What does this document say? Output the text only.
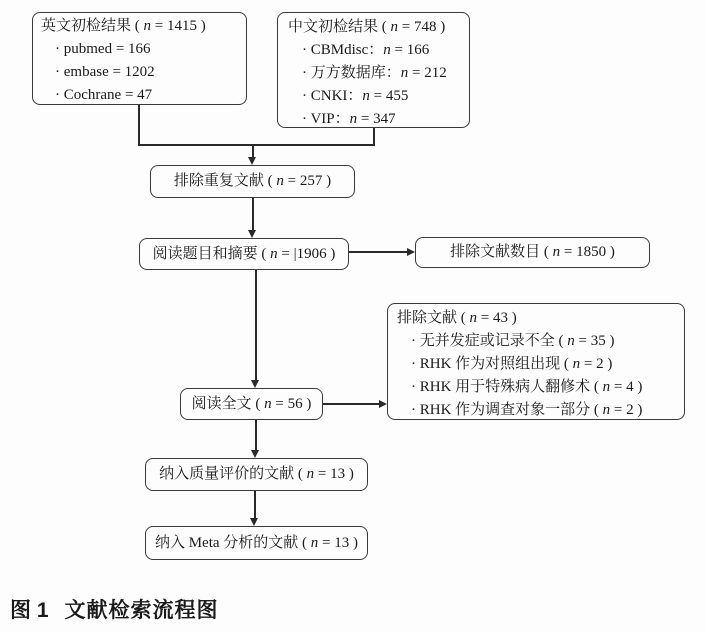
英文初检结果 ( n = 1415 )
· pubmed = 166
· embase = 1202
· Cochrane = 47
中文初检结果 ( n = 748 )
· CBMdisc：n = 166
· 万方数据库：n = 212
· CNKI：n = 455
· VIP：n = 347
排除重复文献 ( n = 257 )
阅读题目和摘要 ( n = |1906 )	排除文献数目 ( n = 1850 )
排除文献 ( n = 43 )
· 无并发症或记录不全 ( n = 35 )
· RHK 作为对照组出现 ( n = 2 )
· RHK 用于特殊病人翻修术 ( n = 4 )
· RHK 作为调查对象一部分 ( n = 2 )
阅读全文 ( n = 56 )
纳入质量评价的文献 ( n = 13 )
纳入 Meta 分析的文献 ( n = 13 )
图 1 文献检索流程图
